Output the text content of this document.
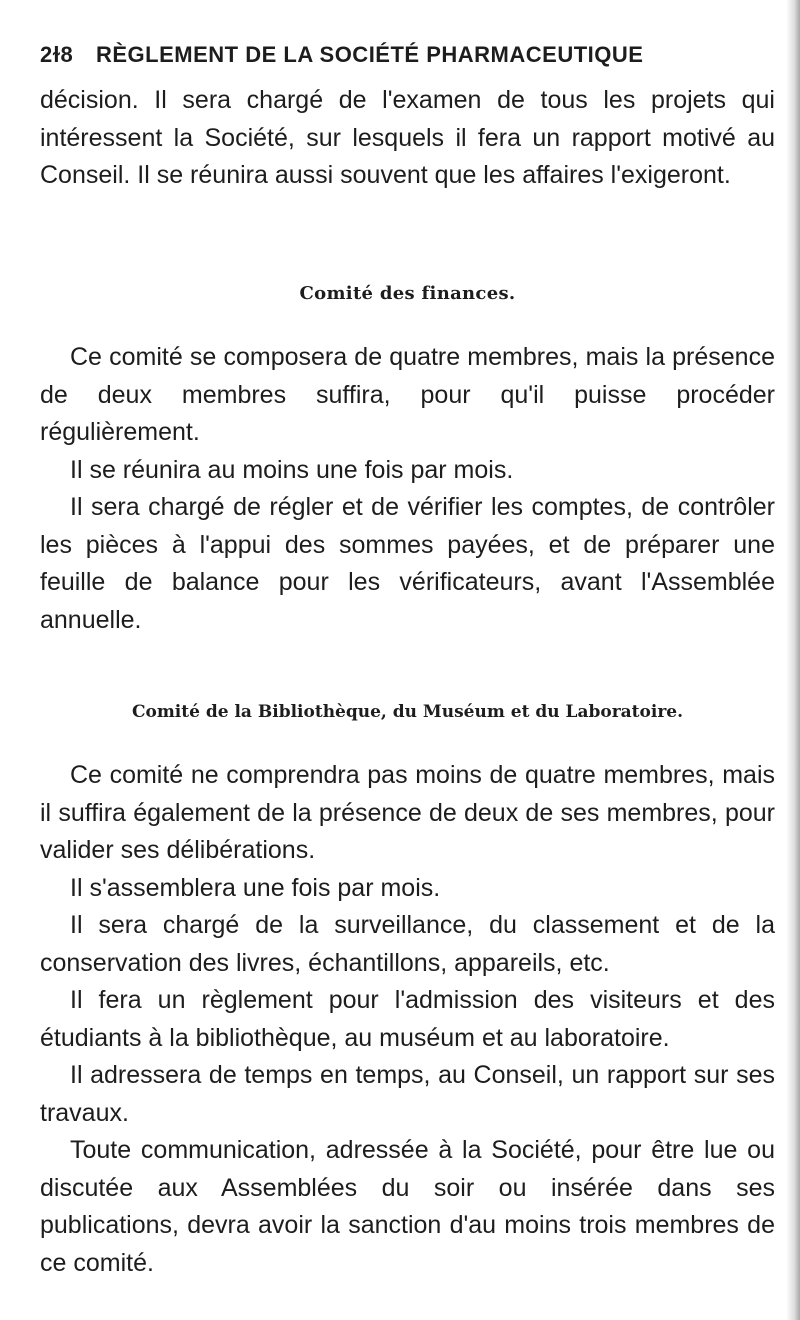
2ɫ8 RÈGLEMENT DE LA SOCIÉTÉ PHARMACEUTIQUE

décision. Il sera chargé de l'examen de tous les projets qui intéressent la Société, sur lesquels il fera un rapport motivé au Conseil. Il se réunira aussi souvent que les affaires l'exigeront.

Comité des finances.

Ce comité se composera de quatre membres, mais la présence de deux membres suffira, pour qu'il puisse procéder régulièrement.

Il se réunira au moins une fois par mois.

Il sera chargé de régler et de vérifier les comptes, de contrôler les pièces à l'appui des sommes payées, et de préparer une feuille de balance pour les vérificateurs, avant l'Assemblée annuelle.

Comité de la Bibliothèque, du Muséum et du Laboratoire.

Ce comité ne comprendra pas moins de quatre membres, mais il suffira également de la présence de deux de ses membres, pour valider ses délibérations.

Il s'assemblera une fois par mois.

Il sera chargé de la surveillance, du classement et de la conservation des livres, échantillons, appareils, etc.

Il fera un règlement pour l'admission des visiteurs et des étudiants à la bibliothèque, au muséum et au laboratoire.

Il adressera de temps en temps, au Conseil, un rapport sur ses travaux.

Toute communication, adressée à la Société, pour être lue ou discutée aux Assemblées du soir ou insérée dans ses publications, devra avoir la sanction d'au moins trois membres de ce comité.
